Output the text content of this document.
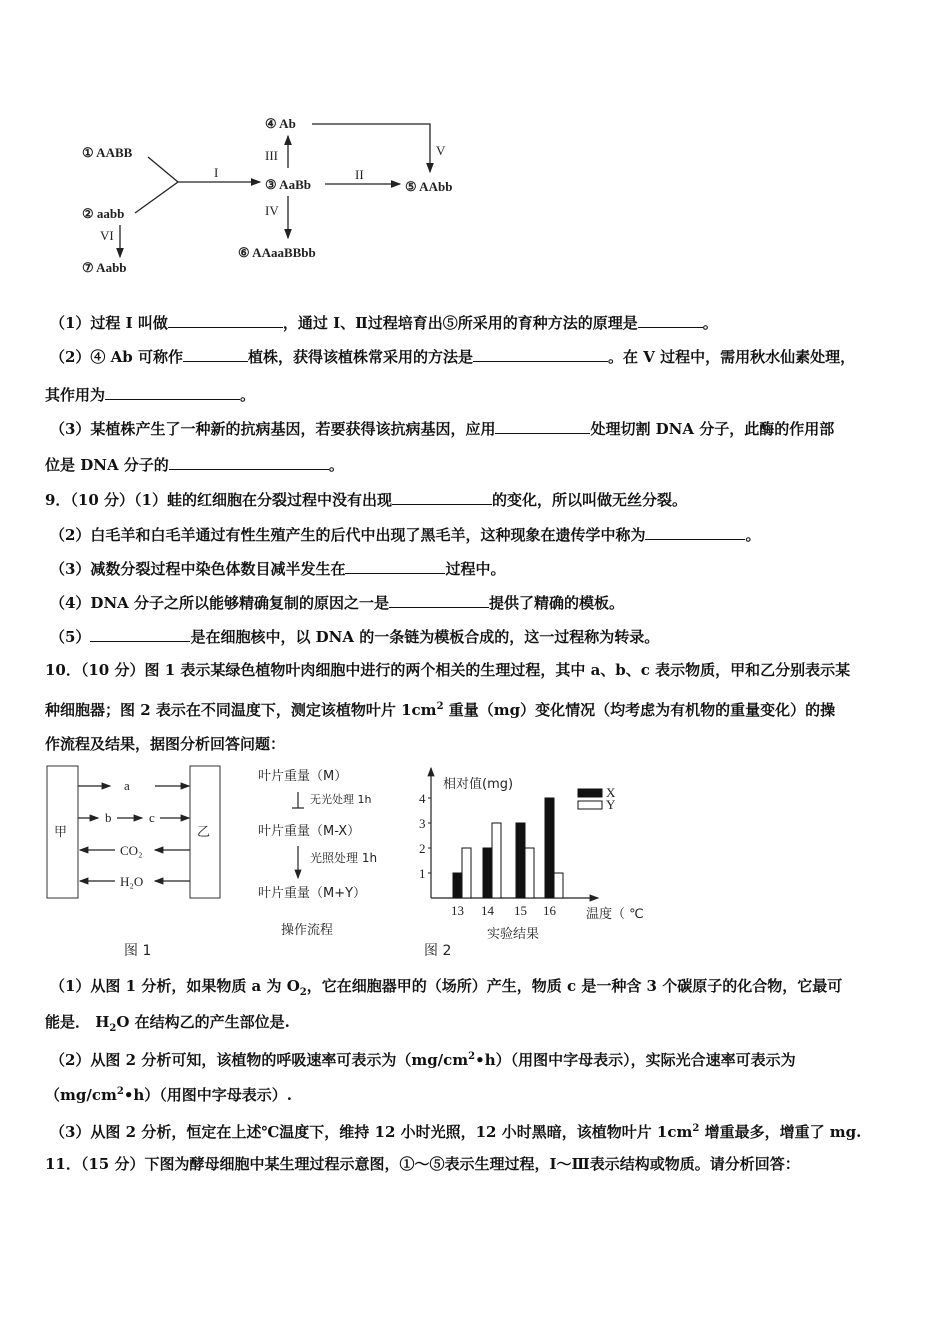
（1）过程 I 叫做	，通过 I、Ⅱ过程培育出⑤所采用的育种方法的原理是	。
（2）④ Ab 可称作	植株，获得该植株常采用的方法是	。在 V 过程中，需用秋水仙素处理，
其作用为	。
（3）某植株产生了一种新的抗病基因，若要获得该抗病基因，应用	处理切割 DNA 分子，此酶的作用部
位是 DNA 分子的	。
9．（10 分）（1）蛙的红细胞在分裂过程中没有出现	的变化，所以叫做无丝分裂。
（2）白毛羊和白毛羊通过有性生殖产生的后代中出现了黑毛羊，这种现象在遗传学中称为	。
（3）减数分裂过程中染色体数目减半发生在	过程中。
（4）DNA 分子之所以能够精确复制的原因之一是	提供了精确的模板。
（5）	是在细胞核中，以 DNA 的一条链为模板合成的，这一过程称为转录。
10．（10 分）图 1 表示某绿色植物叶肉细胞中进行的两个相关的生理过程，其中 a、b、c 表示物质，甲和乙分别表示某
种细胞器；图 2 表示在不同温度下，测定该植物叶片 $1cm^2$ 重量（mg）变化情况（均考虑为有机物的重量变化）的操
作流程及结果，据图分析回答问题：
（1）从图 1 分析，如果物质 a 为 $O_2$，它在细胞器甲的（场所）产生，物质 c 是一种含 3 个碳原子的化合物，它最可
能是． $H_2O$ 在结构乙的产生部位是.
（2）从图 2 分析可知，该植物的呼吸速率可表示为$(mg/cm^2•h)$（用图中字母表示），实际光合速率可表示为
$(mg/cm^2•h)$（用图中字母表示）.
（3）从图 2 分析，恒定在上述℃温度下，维持 12 小时光照，12 小时黑暗，该植物叶片 $1cm^2$ 增重最多，增重了 mg.
11．（15 分）下图为酵母细胞中某生理过程示意图，①～⑤表示生理过程，Ⅰ～Ⅲ表示结构或物质。请分析回答：
① AABB
② aabb
③ AaBb
④ Ab
⑤ AAbb
⑥ AAaaBBbb
⑦ Aabb
I	II
III
IV
V
VI
甲	乙
a
b	c
CO₂
H₂O
图 1
叶片重量（M）
无光处理 1h
叶片重量（M-X）
光照处理 1h
叶片重量（M+Y）
操作流程
相对值(mg)
温度（ ℃
实验结果
图 2
1
2
3
4
13 14 15 16
X
Y
